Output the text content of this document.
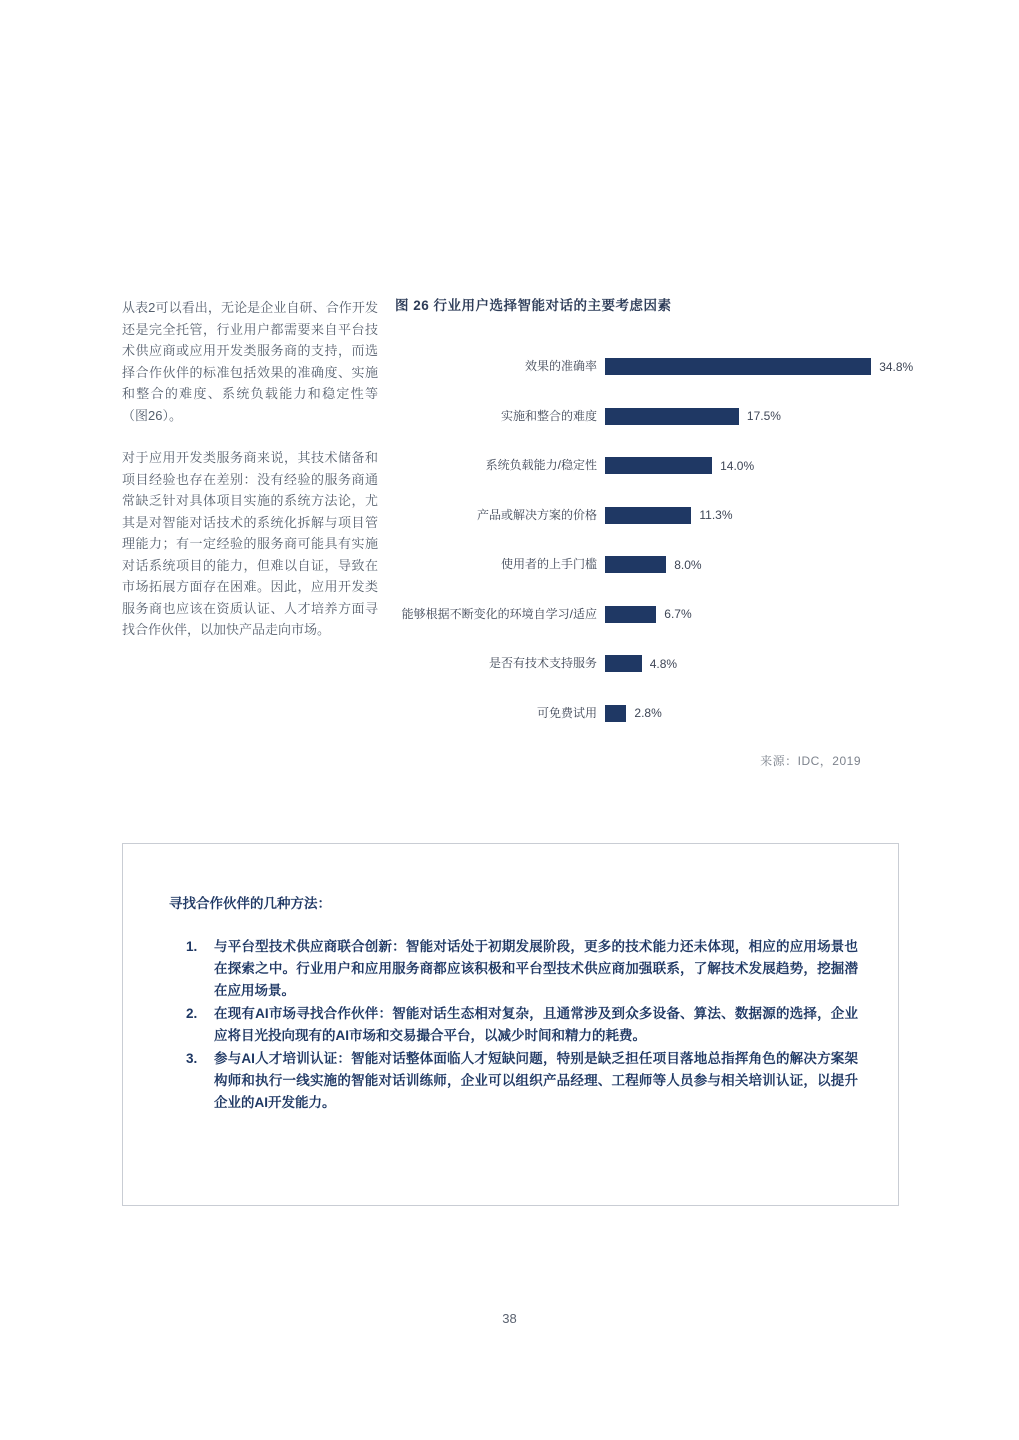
从表2可以看出，无论是企业自研、合作开发还是完全托管，行业用户都需要来自平台技术供应商或应用开发类服务商的支持，而选择合作伙伴的标准包括效果的准确度、实施和整合的难度、系统负载能力和稳定性等（图26）。

对于应用开发类服务商来说，其技术储备和项目经验也存在差别：没有经验的服务商通常缺乏针对具体项目实施的系统方法论，尤其是对智能对话技术的系统化拆解与项目管理能力；有一定经验的服务商可能具有实施对话系统项目的能力，但难以自证，导致在市场拓展方面存在困难。因此，应用开发类服务商也应该在资质认证、人才培养方面寻找合作伙伴，以加快产品走向市场。

图 26 行业用户选择智能对话的主要考虑因素
效果的准确率	34.8%
实施和整合的难度	17.5%
系统负载能力/稳定性	14.0%
产品或解决方案的价格	11.3%
使用者的上手门槛	8.0%
能够根据不断变化的环境自学习/适应	6.7%
是否有技术支持服务	4.8%
可免费试用	2.8%
来源：IDC，2019
寻找合作伙伴的几种方法：
1.	与平台型技术供应商联合创新：智能对话处于初期发展阶段，更多的技术能力还未体现，相应的应用场景也在探索之中。行业用户和应用服务商都应该积极和平台型技术供应商加强联系，了解技术发展趋势，挖掘潜在应用场景。
2.	在现有AI市场寻找合作伙伴：智能对话生态相对复杂，且通常涉及到众多设备、算法、数据源的选择，企业应将目光投向现有的AI市场和交易撮合平台，以减少时间和精力的耗费。
3.	参与AI人才培训认证：智能对话整体面临人才短缺问题，特别是缺乏担任项目落地总指挥角色的解决方案架构师和执行一线实施的智能对话训练师，企业可以组织产品经理、工程师等人员参与相关培训认证，以提升企业的AI开发能力。
38
